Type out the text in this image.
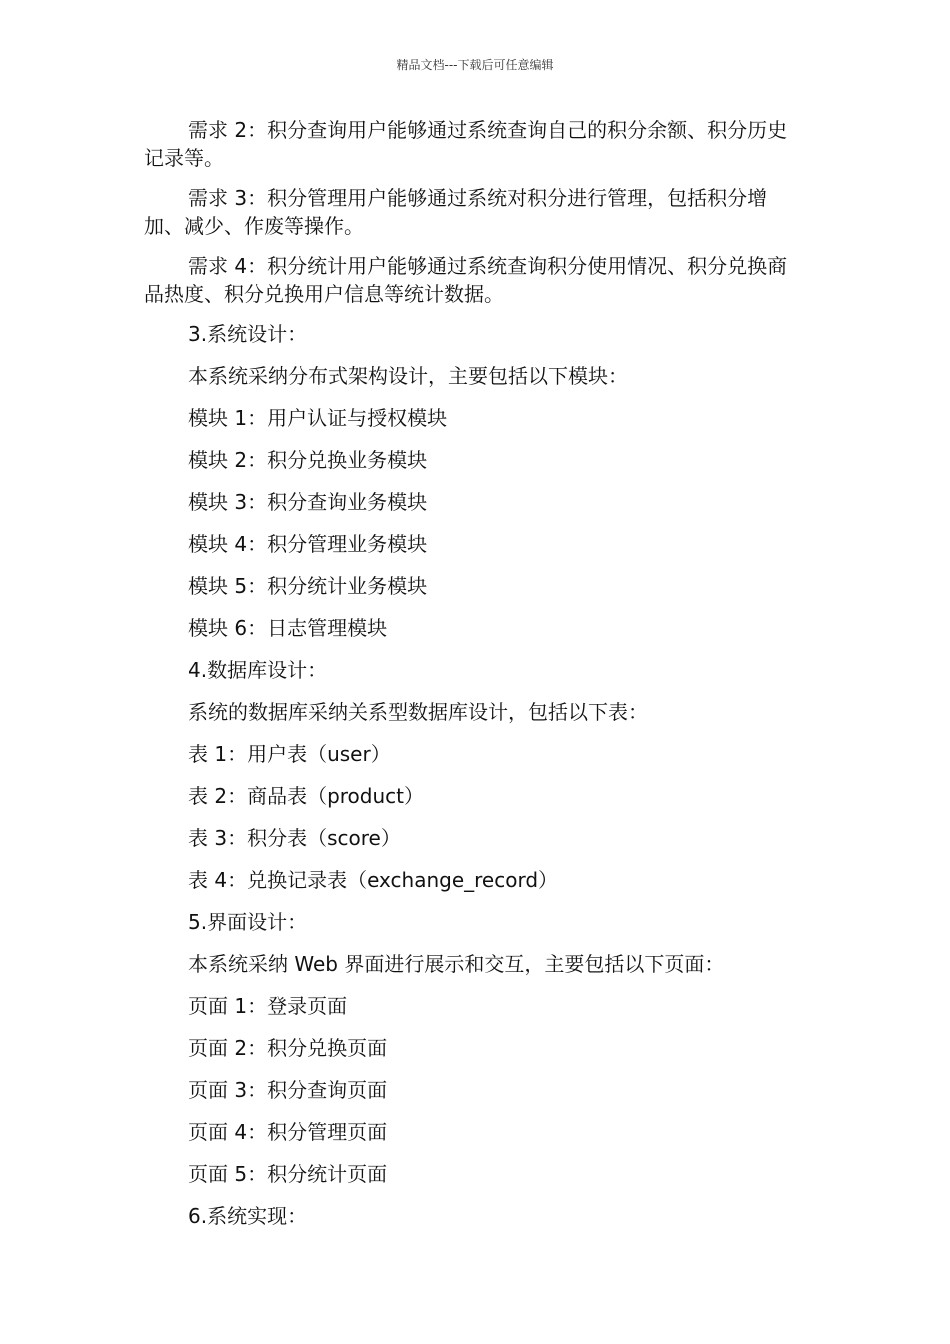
精品文档---下载后可任意编辑

需求 2：积分查询用户能够通过系统查询自己的积分余额、积分历史记录等。

需求 3：积分管理用户能够通过系统对积分进行管理，包括积分增加、减少、作废等操作。

需求 4：积分统计用户能够通过系统查询积分使用情况、积分兑换商品热度、积分兑换用户信息等统计数据。

3.系统设计：
本系统采纳分布式架构设计，主要包括以下模块：
模块 1：用户认证与授权模块
模块 2：积分兑换业务模块
模块 3：积分查询业务模块
模块 4：积分管理业务模块
模块 5：积分统计业务模块
模块 6：日志管理模块
4.数据库设计：
系统的数据库采纳关系型数据库设计，包括以下表：
表 1：用户表（user）
表 2：商品表（product）
表 3：积分表（score）
表 4：兑换记录表（exchange_record）
5.界面设计：
本系统采纳 Web 界面进行展示和交互，主要包括以下页面：
页面 1：登录页面
页面 2：积分兑换页面
页面 3：积分查询页面
页面 4：积分管理页面
页面 5：积分统计页面
6.系统实现：
